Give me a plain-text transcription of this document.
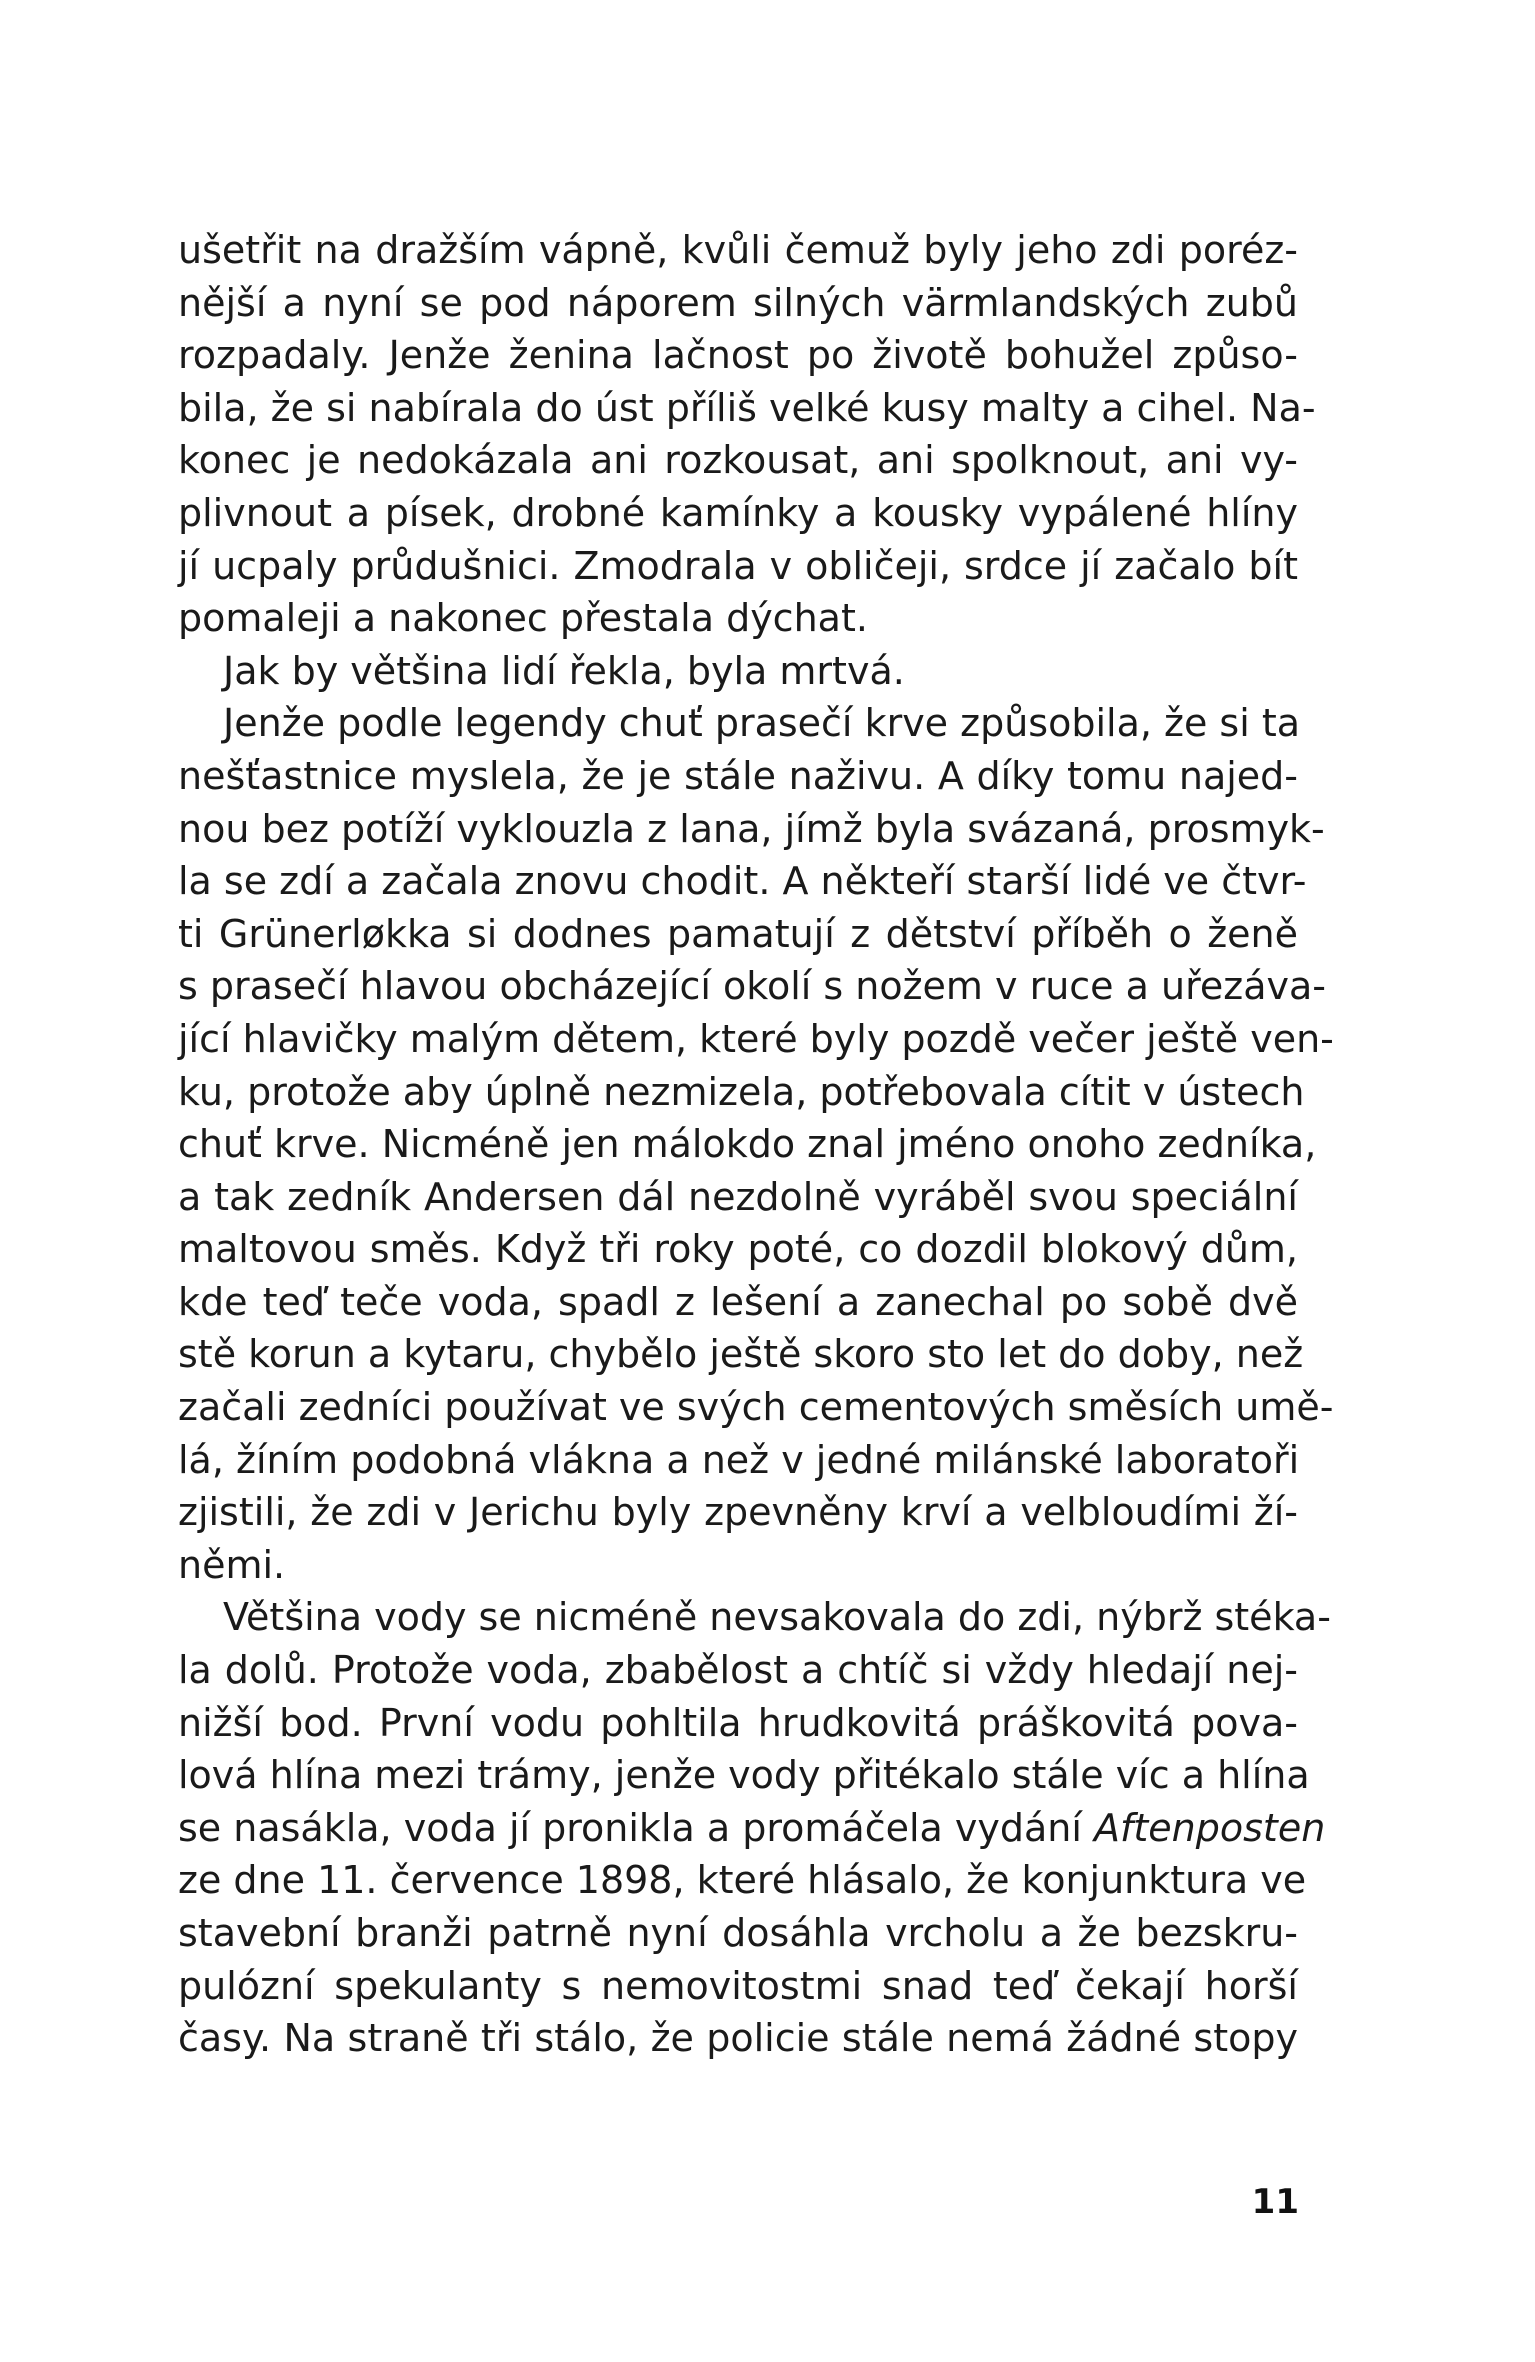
ušetřit na dražším vápně, kvůli čemuž byly jeho zdi poréz-
nější a nyní se pod náporem silných värmlandských zubů
rozpadaly. Jenže ženina lačnost po životě bohužel způso-
bila, že si nabírala do úst příliš velké kusy malty a cihel. Na-
konec je nedokázala ani rozkousat, ani spolknout, ani vy-
plivnout a písek, drobné kamínky a kousky vypálené hlíny
jí ucpaly průdušnici. Zmodrala v obličeji, srdce jí začalo bít
pomaleji a nakonec přestala dýchat.
Jak by většina lidí řekla, byla mrtvá.
Jenže podle legendy chuť prasečí krve způsobila, že si ta
nešťastnice myslela, že je stále naživu. A díky tomu najed-
nou bez potíží vyklouzla z lana, jímž byla svázaná, prosmyk-
la se zdí a začala znovu chodit. A někteří starší lidé ve čtvr-
ti Grünerløkka si dodnes pamatují z dětství příběh o ženě
s prasečí hlavou obcházející okolí s nožem v ruce a uřezáva-
jící hlavičky malým dětem, které byly pozdě večer ještě ven-
ku, protože aby úplně nezmizela, potřebovala cítit v ústech
chuť krve. Nicméně jen málokdo znal jméno onoho zedníka,
a tak zedník Andersen dál nezdolně vyráběl svou speciální
maltovou směs. Když tři roky poté, co dozdil blokový dům,
kde teď teče voda, spadl z lešení a zanechal po sobě dvě
stě korun a kytaru, chybělo ještě skoro sto let do doby, než
začali zedníci používat ve svých cementových směsích umě-
lá, žíním podobná vlákna a než v jedné milánské laboratoři
zjistili, že zdi v Jerichu byly zpevněny krví a velbloudími ží-
němi.
Většina vody se nicméně nevsakovala do zdi, nýbrž stéka-
la dolů. Protože voda, zbabělost a chtíč si vždy hledají nej-
nižší bod. První vodu pohltila hrudkovitá práškovitá pova-
lová hlína mezi trámy, jenže vody přitékalo stále víc a hlína
se nasákla, voda jí pronikla a promáčela vydání Aftenposten
ze dne 11. července 1898, které hlásalo, že konjunktura ve
stavební branži patrně nyní dosáhla vrcholu a že bezskru-
pulózní spekulanty s nemovitostmi snad teď čekají horší
časy. Na straně tři stálo, že policie stále nemá žádné stopy
11
